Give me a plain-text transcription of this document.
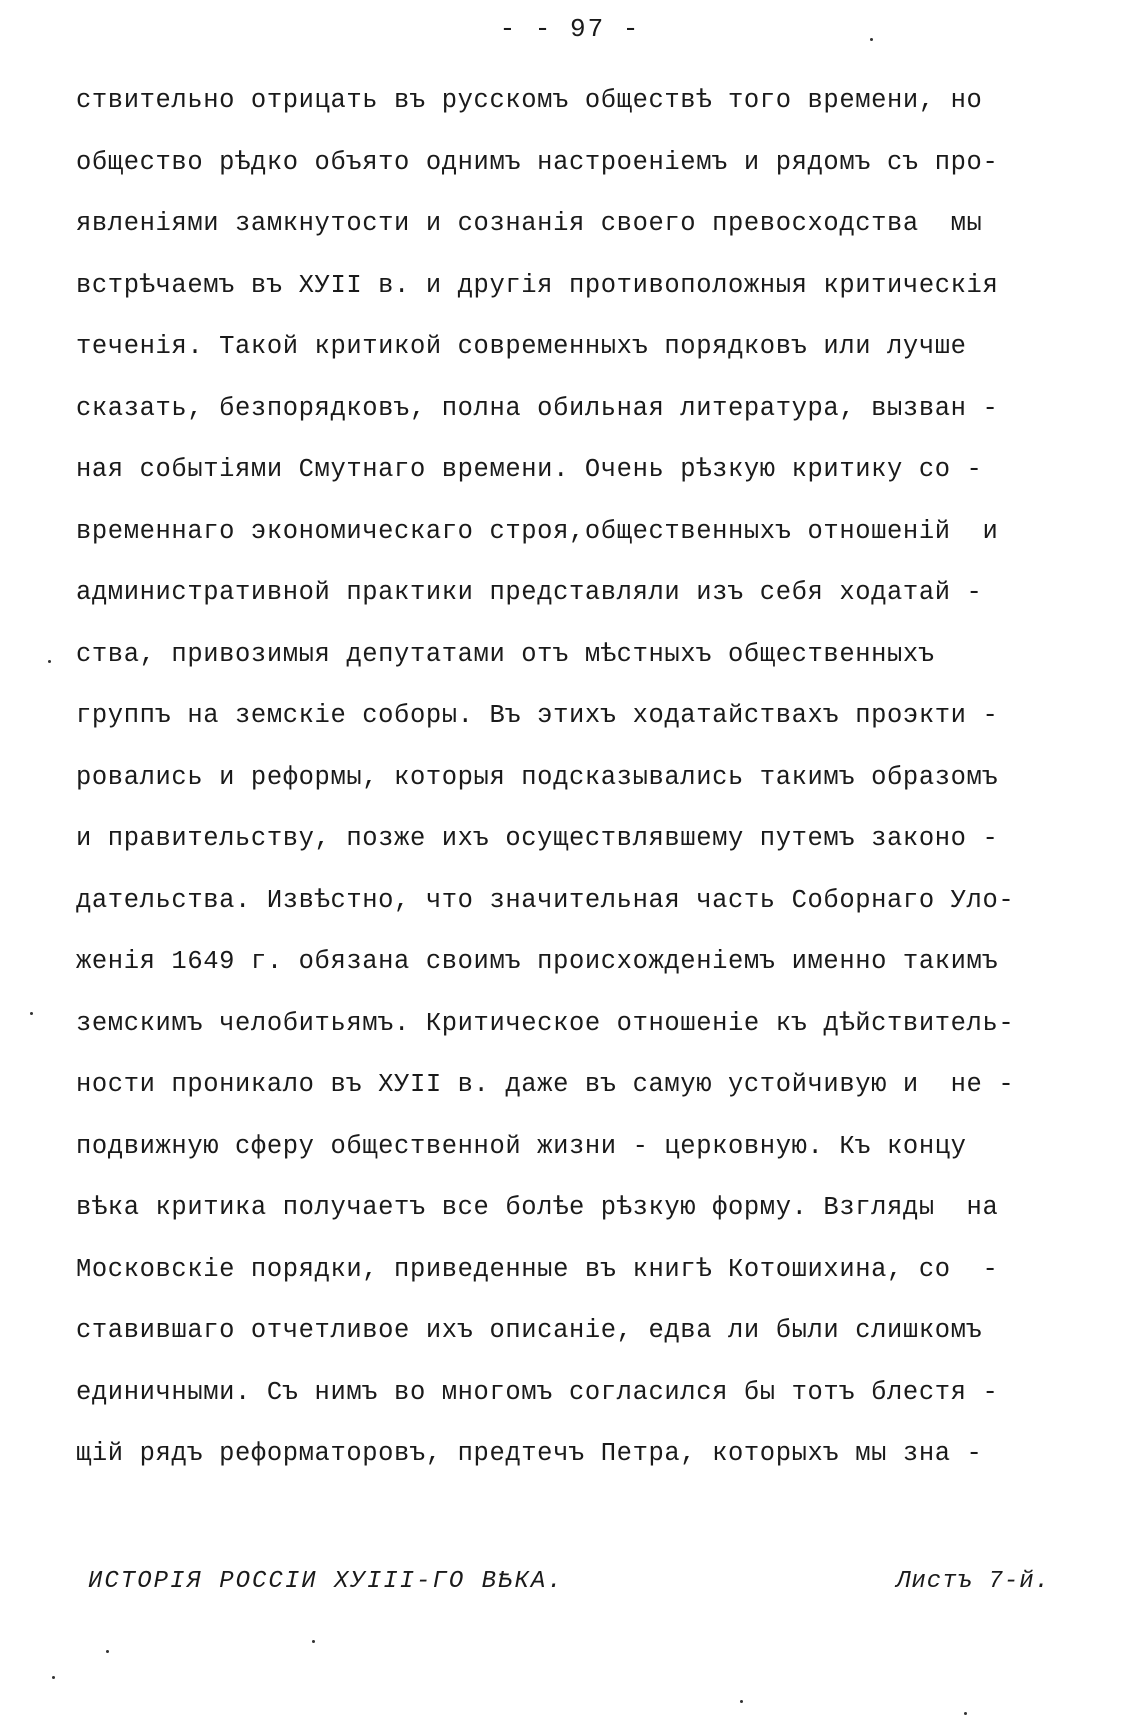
- - 97 -
ствительно отрицать въ русскомъ обществѣ того времени, но
общество рѣдко объято однимъ настроеніемъ и рядомъ съ про-
явленіями замкнутости и сознанія своего превосходства  мы
встрѣчаемъ въ ХУІІ в. и другія противоположныя критическія
теченія. Такой критикой современныхъ порядковъ или лучше
сказать, безпорядковъ, полна обильная литература, вызван -
ная событіями Смутнаго времени. Очень рѣзкую критику со -
временнаго экономическаго строя,общественныхъ отношеній  и
административной практики представляли изъ себя ходатай -
ства, привозимыя депутатами отъ мѣстныхъ общественныхъ
группъ на земскіе соборы. Въ этихъ ходатайствахъ проэкти -
ровались и реформы, которыя подсказывались такимъ образомъ
и правительству, позже ихъ осуществлявшему путемъ законо -
дательства. Извѣстно, что значительная часть Соборнаго Уло-
женія 1649 г. обязана своимъ происхожденіемъ именно такимъ
земскимъ челобитьямъ. Критическое отношеніе къ дѣйствитель-
ности проникало въ ХУІІ в. даже въ самую устойчивую и  не -
подвижную сферу общественной жизни - церковную. Къ концу
вѣка критика получаетъ все болѣе рѣзкую форму. Взгляды  на
Московскіе порядки, приведенные въ книгѣ Котошихина, со  -
ставившаго отчетливое ихъ описаніе, едва ли были слишкомъ
единичными. Съ нимъ во многомъ согласился бы тотъ блестя -
щій рядъ реформаторовъ, предтечъ Петра, которыхъ мы зна -
ИСТОРІЯ РОССІИ ХУІІІ-ГО ВѢКА.	Листъ 7-й.
